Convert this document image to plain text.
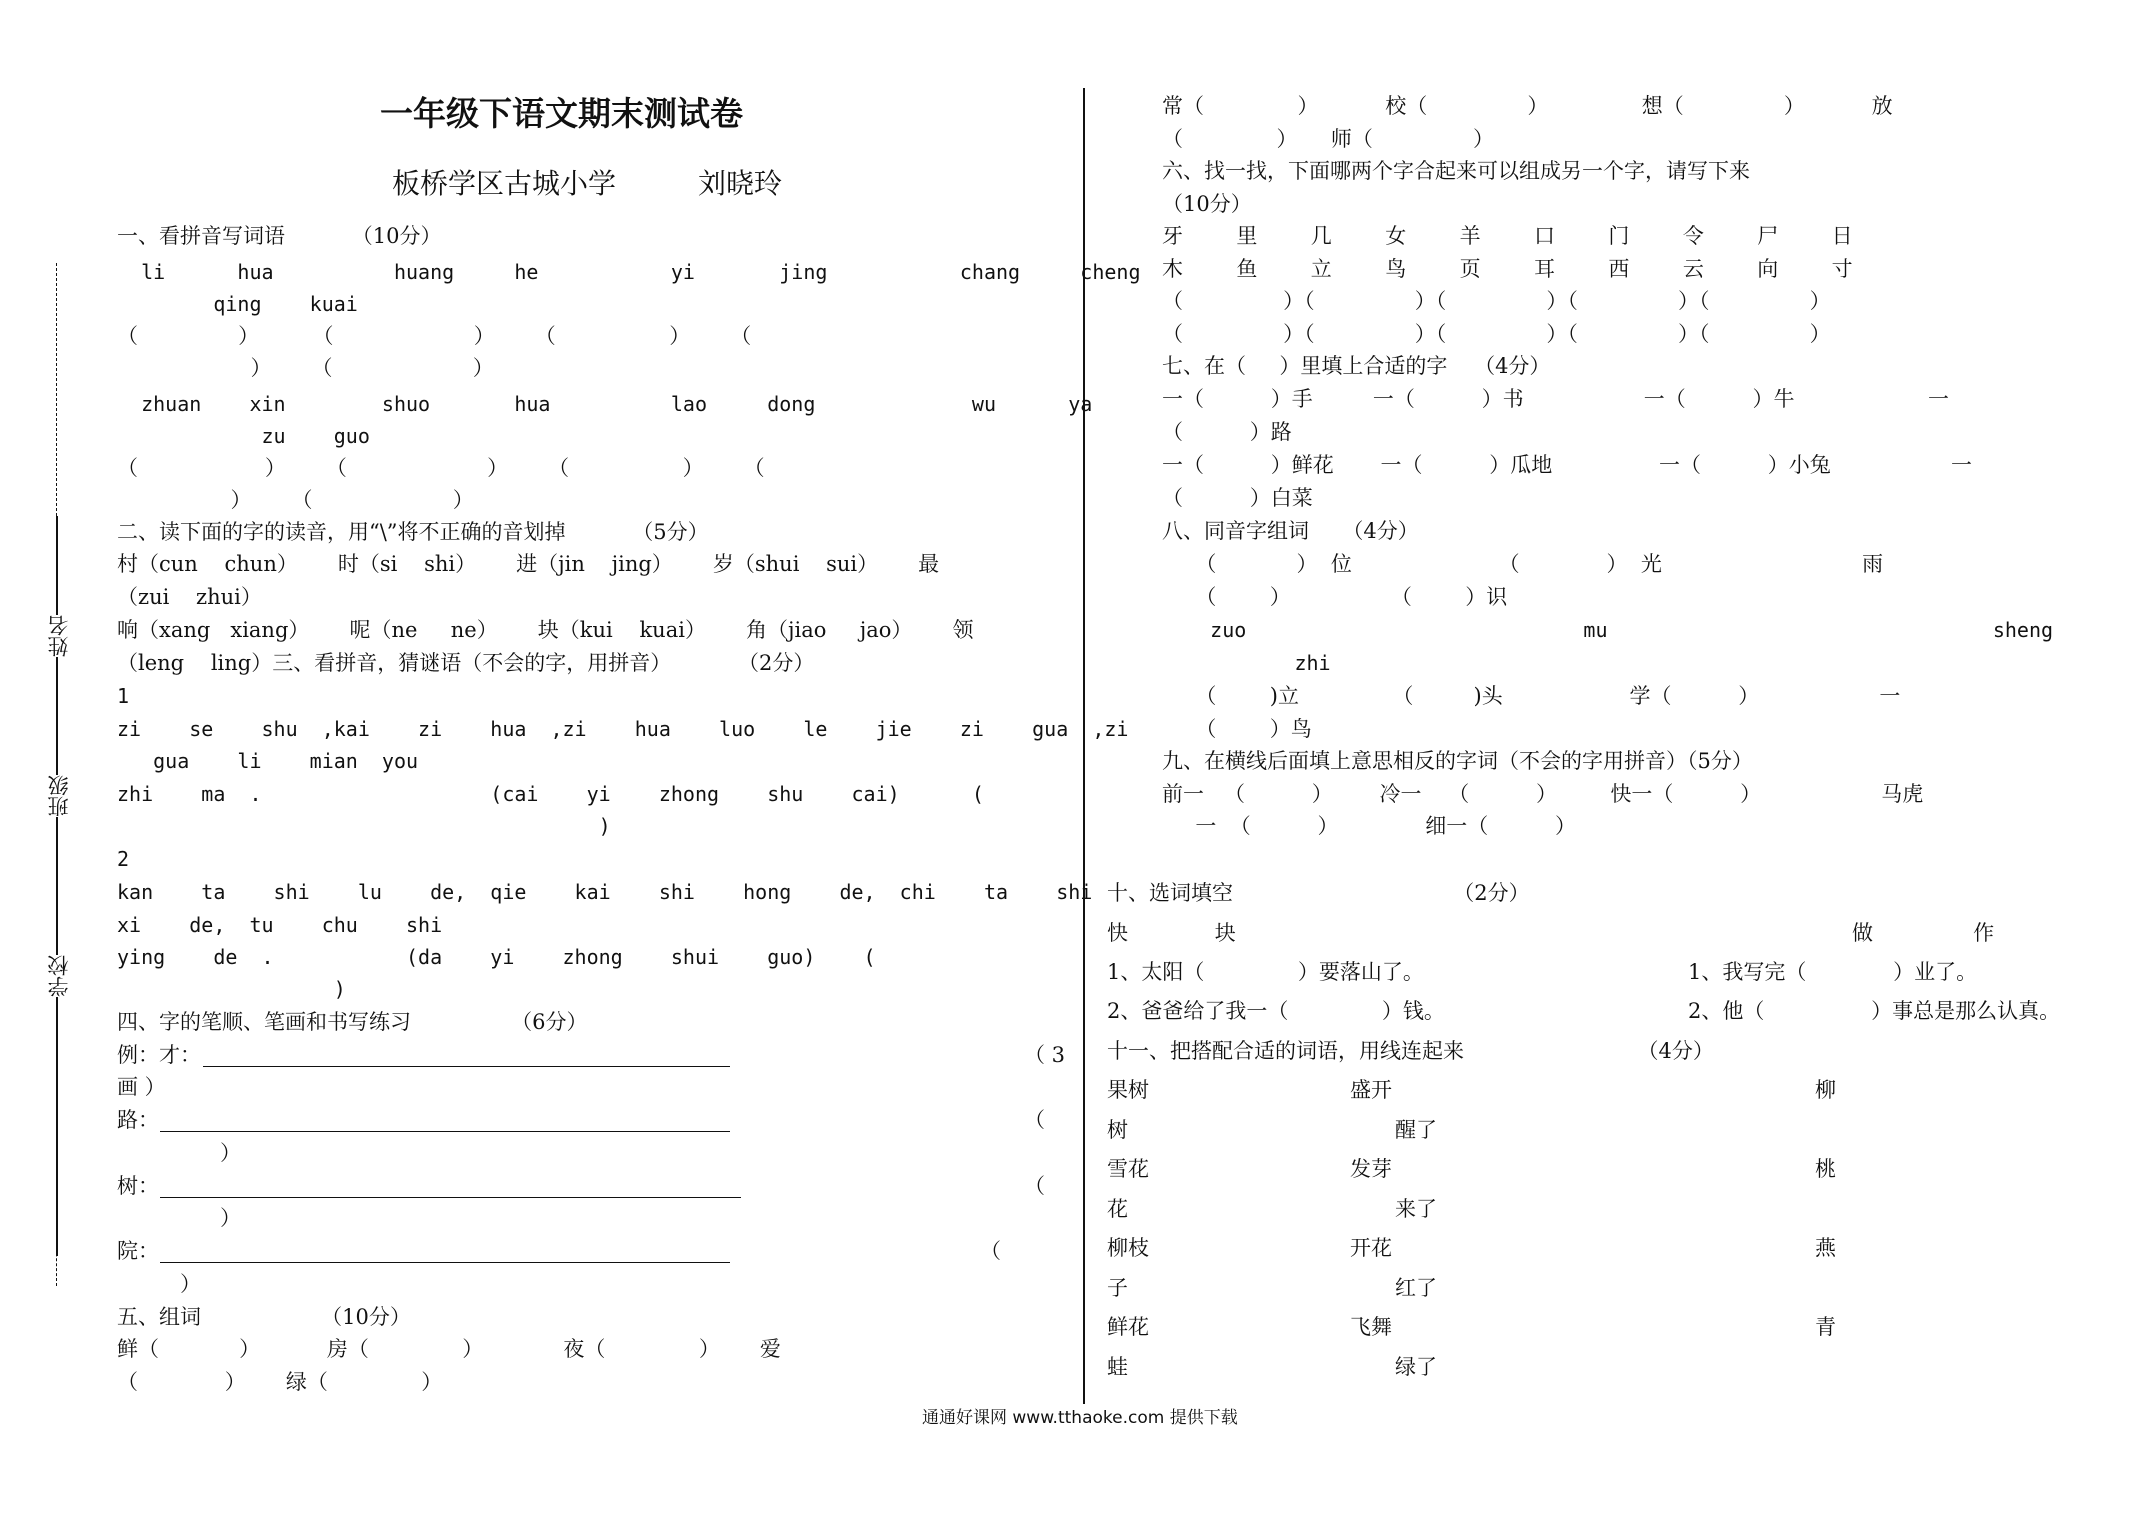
姓名
班级
学校
一年级下语文期末测试卷
板桥学区古城小学	刘晓玲
一、看拼音写词语          （10分）
li      hua          huang     he           yi       jing           chang     cheng
qing    kuai
（               ）        （                     ）      （                 ）      （
）      （                     ）
zhuan    xin        shuo       hua          lao     dong             wu      ya
zu    guo
（                   ）      （                     ）      （                 ）      （
）      （                     ）
二、读下面的字的读音，用“\”将不正确的音划掉          （5分）
村（cun    chun）      时（si    shi）      进（jin    jing）      岁（shui    sui）      最
（zui    zhui）
响（xang   xiang）      呢（ne     ne）      块（kui    kuai）      角（jiao     jao）      领
（leng    ling）三、看拼音，猜谜语（不会的字，用拼音）          （2分）
1
zi    se    shu  ,kai    zi    hua  ,zi    hua    luo    le    jie    zi    gua  ,zi
gua    li    mian  you
zhi    ma  .                   (cai    yi    zhong    shu    cai)      (
)
2
kan    ta    shi    lu    de,  qie    kai    shi    hong    de,  chi    ta    shi
xi    de,  tu    chu    shi
ying    de  .           (da    yi    zhong    shui    guo)    (
)
四、字的笔顺、笔画和书写练习               （6分）
例：才：	（ 3
画 ）
路：	（
）
树：	（
）
院：	（
）
五、组词                  （10分）
鲜（            ）          房（              ）            夜（              ）      爱
（             ）      绿（              ）
常（              ）          校（               ）              想（               ）          放
（              ）     师（               ）
六、找一找，下面哪两个字合起来可以组成另一个字，请写下来
（10分）
牙        里        几        女        羊        口        门        令        尸        日
木        鱼        立        鸟        页        耳        西        云        向        寸
（               ）（               ）（               ）（               ）（               ）
（               ）（               ）（               ）（               ）（               ）
七、在（     ）里填上合适的字    （4分）
一（          ）手         一（          ）书                  一（          ）牛                    一
（          ）路
一（          ）鲜花       一（          ）瓜地                一（          ）小兔                  一
（          ）白菜
八、同音字组词     （4分）
（            ）  位                      （             ）  光                              雨
（        ）               （        ）识
zuo                            mu                                sheng
zhi
（        )立              （         )头                   学（          ）                  一
（        ）鸟
九、在横线后面填上意思相反的字词（不会的字用拼音）（5分）
前一   （          ）       冷一    （          ）        快一（          ）                  马虎
一  （          ）             细一（          ）
十、选词填空                                 （2分）
快             块	做               作
1、太阳（              ）要落山了。	1、我写完（             ）业了。
2、爸爸给了我一（              ）钱。	2、他（                ）事总是那么认真。
十一、把搭配合适的词语，用线连起来                          （4分）
果树	盛开	柳
树	醒了
雪花	发芽	桃
花	来了
柳枝	开花	燕
子	红了
鲜花	飞舞	青
蛙	绿了
通通好课网 www.tthaoke.com 提供下载
